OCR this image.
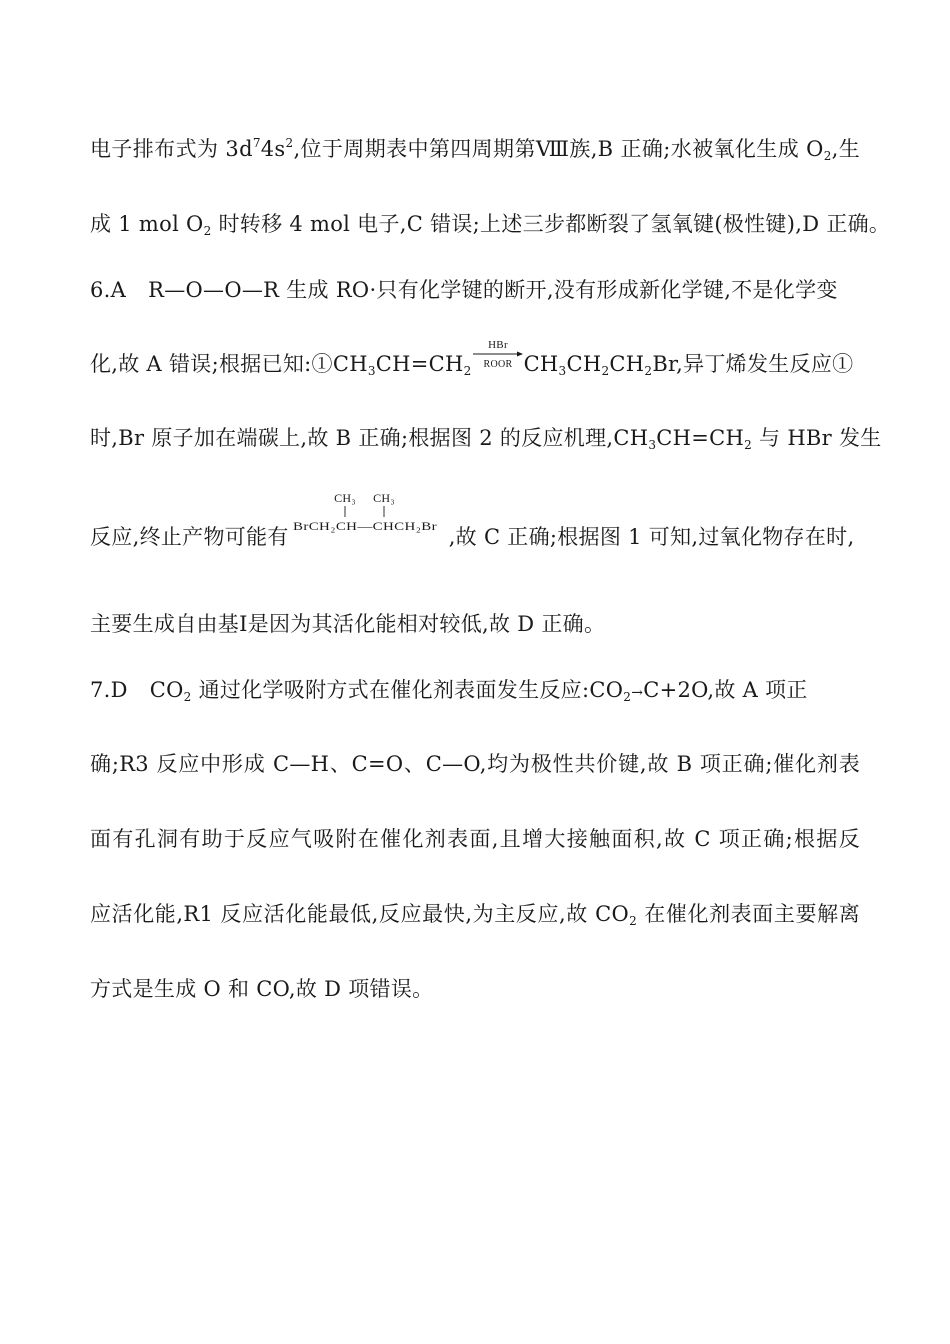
电子排布式为 $3d^74s^2$,位于周期表中第四周期第Ⅷ族,B 正确;水被氧化生成 $O_2$,生
成 1 mol $O_2$ 时转移 4 mol 电子,C 错误;上述三步都断裂了氢氧键(极性键),D 正确。
6.A R—O—O—R 生成 RO·只有化学键的断开,没有形成新化学键,不是化学变
化,故 A 错误;根据已知$:①CH_3CH=CH_2$
HBr
ROOR $CH_3CH_2CH_2Br$,异丁烯发生反应①
时,Br 原子加在端碳上,故 B 正确;根据图 2 的反应机理$,CH_3CH=CH_2$ 与 HBr 发生
反应,终止产物可能有
CH₃ CH₃
BrCH₂CH—CHCH₂Br ,故 C 正确;根据图 1 可知,过氧化物存在时,
主要生成自由基Ⅰ是因为其活化能相对较低,故 D 正确。
7.D $CO_2$ 通过化学吸附方式在催化剂表面发生反应$:CO_2\to C+2O$,故 A 项正
确;R3 反应中形成 C—H、C=O、C—O,均为极性共价键,故 B 项正确;催化剂表
面有孔洞有助于反应气吸附在催化剂表面,且增大接触面积,故 C 项正确;根据反
应活化能,R1 反应活化能最低,反应最快,为主反应,故 $CO_2$ 在催化剂表面主要解离
方式是生成 O 和 CO,故 D 项错误。
